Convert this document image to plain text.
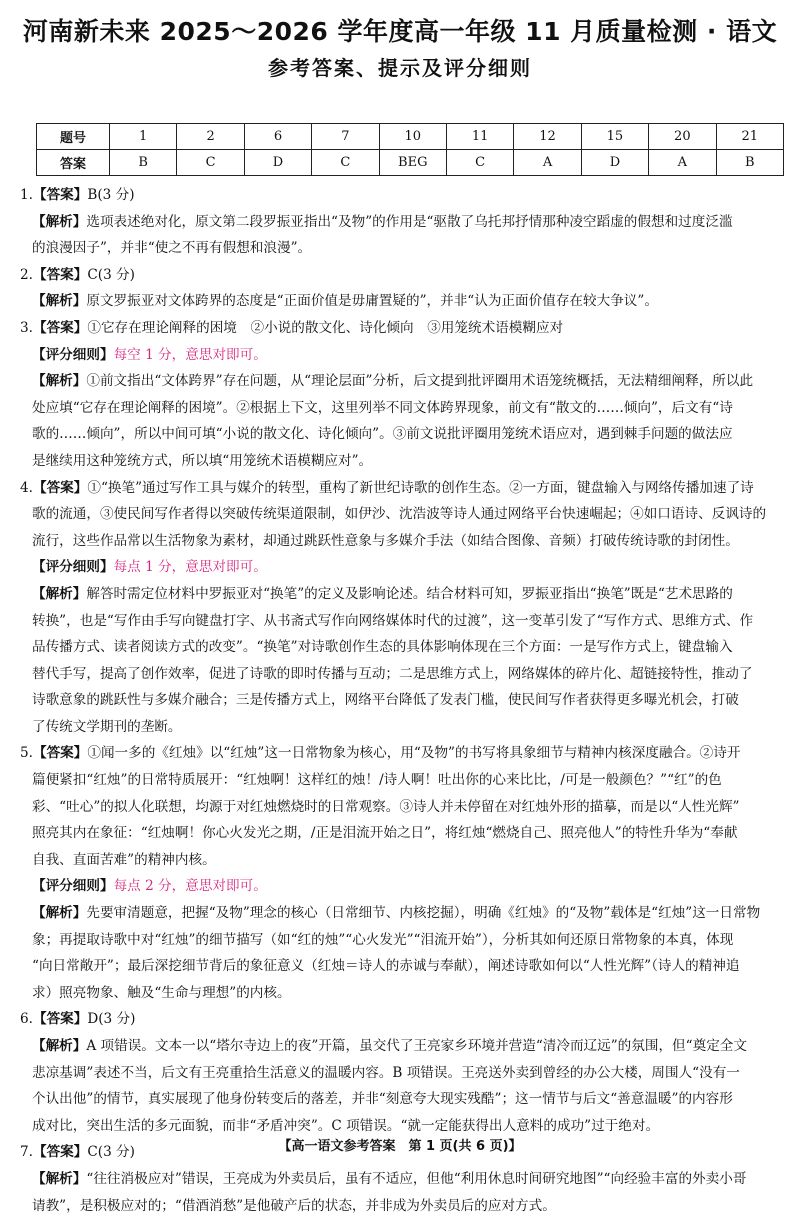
河南新未来 2025～2026 学年度高一年级 11 月质量检测 · 语文
参考答案、提示及评分细则
题号	1	2	6	7	10	11	12	15	20	21
答案	B	C	D	C	BEG	C	A	D	A	B
1.【答案】B(3 分)
【解析】选项表述绝对化，原文第二段罗振亚指出“及物”的作用是“驱散了乌托邦抒情那种凌空蹈虚的假想和过度泛滥
的浪漫因子”，并非“使之不再有假想和浪漫”。
2.【答案】C(3 分)
【解析】原文罗振亚对文体跨界的态度是“正面价值是毋庸置疑的”，并非“认为正面价值存在较大争议”。
3.【答案】①它存在理论阐释的困境　②小说的散文化、诗化倾向　③用笼统术语模糊应对
【评分细则】每空 1 分，意思对即可。
【解析】①前文指出“文体跨界”存在问题，从“理论层面”分析，后文提到批评圈用术语笼统概括，无法精细阐释，所以此
处应填“它存在理论阐释的困境”。②根据上下文，这里列举不同文体跨界现象，前文有“散文的……倾向”，后文有“诗
歌的……倾向”，所以中间可填“小说的散文化、诗化倾向”。③前文说批评圈用笼统术语应对，遇到棘手问题的做法应
是继续用这种笼统方式，所以填“用笼统术语模糊应对”。
4.【答案】①“换笔”通过写作工具与媒介的转型，重构了新世纪诗歌的创作生态。②一方面，键盘输入与网络传播加速了诗
歌的流通，③使民间写作者得以突破传统渠道限制，如伊沙、沈浩波等诗人通过网络平台快速崛起；④如口语诗、反讽诗的
流行，这些作品常以生活物象为素材，却通过跳跃性意象与多媒介手法（如结合图像、音频）打破传统诗歌的封闭性。
【评分细则】每点 1 分，意思对即可。
【解析】解答时需定位材料中罗振亚对“换笔”的定义及影响论述。结合材料可知，罗振亚指出“换笔”既是“艺术思路的
转换”，也是“写作由手写向键盘打字、从书斋式写作向网络媒体时代的过渡”，这一变革引发了“写作方式、思维方式、作
品传播方式、读者阅读方式的改变”。“换笔”对诗歌创作生态的具体影响体现在三个方面：一是写作方式上，键盘输入
替代手写，提高了创作效率，促进了诗歌的即时传播与互动；二是思维方式上，网络媒体的碎片化、超链接特性，推动了
诗歌意象的跳跃性与多媒介融合；三是传播方式上，网络平台降低了发表门槛，使民间写作者获得更多曝光机会，打破
了传统文学期刊的垄断。
5.【答案】①闻一多的《红烛》以“红烛”这一日常物象为核心，用“及物”的书写将具象细节与精神内核深度融合。②诗开
篇便紧扣“红烛”的日常特质展开：“红烛啊！这样红的烛！/诗人啊！吐出你的心来比比，/可是一般颜色？”“红”的色
彩、“吐心”的拟人化联想，均源于对红烛燃烧时的日常观察。③诗人并未停留在对红烛外形的描摹，而是以“人性光辉”
照亮其内在象征：“红烛啊！你心火发光之期，/正是泪流开始之日”，将红烛“燃烧自己、照亮他人”的特性升华为“奉献
自我、直面苦难”的精神内核。
【评分细则】每点 2 分，意思对即可。
【解析】先要审清题意，把握“及物”理念的核心（日常细节、内核挖掘），明确《红烛》的“及物”载体是“红烛”这一日常物
象；再提取诗歌中对“红烛”的细节描写（如“红的烛”“心火发光”“泪流开始”），分析其如何还原日常物象的本真，体现
“向日常敞开”；最后深挖细节背后的象征意义（红烛＝诗人的赤诚与奉献），阐述诗歌如何以“人性光辉”（诗人的精神追
求）照亮物象、触及“生命与理想”的内核。
6.【答案】D(3 分)
【解析】A 项错误。文本一以“塔尔寺边上的夜”开篇，虽交代了王亮家乡环境并营造“清冷而辽远”的氛围，但“奠定全文
悲凉基调”表述不当，后文有王亮重拾生活意义的温暖内容。B 项错误。王亮送外卖到曾经的办公大楼，周围人“没有一
个认出他”的情节，真实展现了他身份转变后的落差，并非“刻意夸大现实残酷”；这一情节与后文“善意温暖”的内容形
成对比，突出生活的多元面貌，而非“矛盾冲突”。C 项错误。“就一定能获得出人意料的成功”过于绝对。
7.【答案】C(3 分)
【解析】“往往消极应对”错误，王亮成为外卖员后，虽有不适应，但他“利用休息时间研究地图”“向经验丰富的外卖小哥
请教”，是积极应对的；“借酒消愁”是他破产后的状态，并非成为外卖员后的应对方式。
【高一语文参考答案　第 1 页(共 6 页)】
